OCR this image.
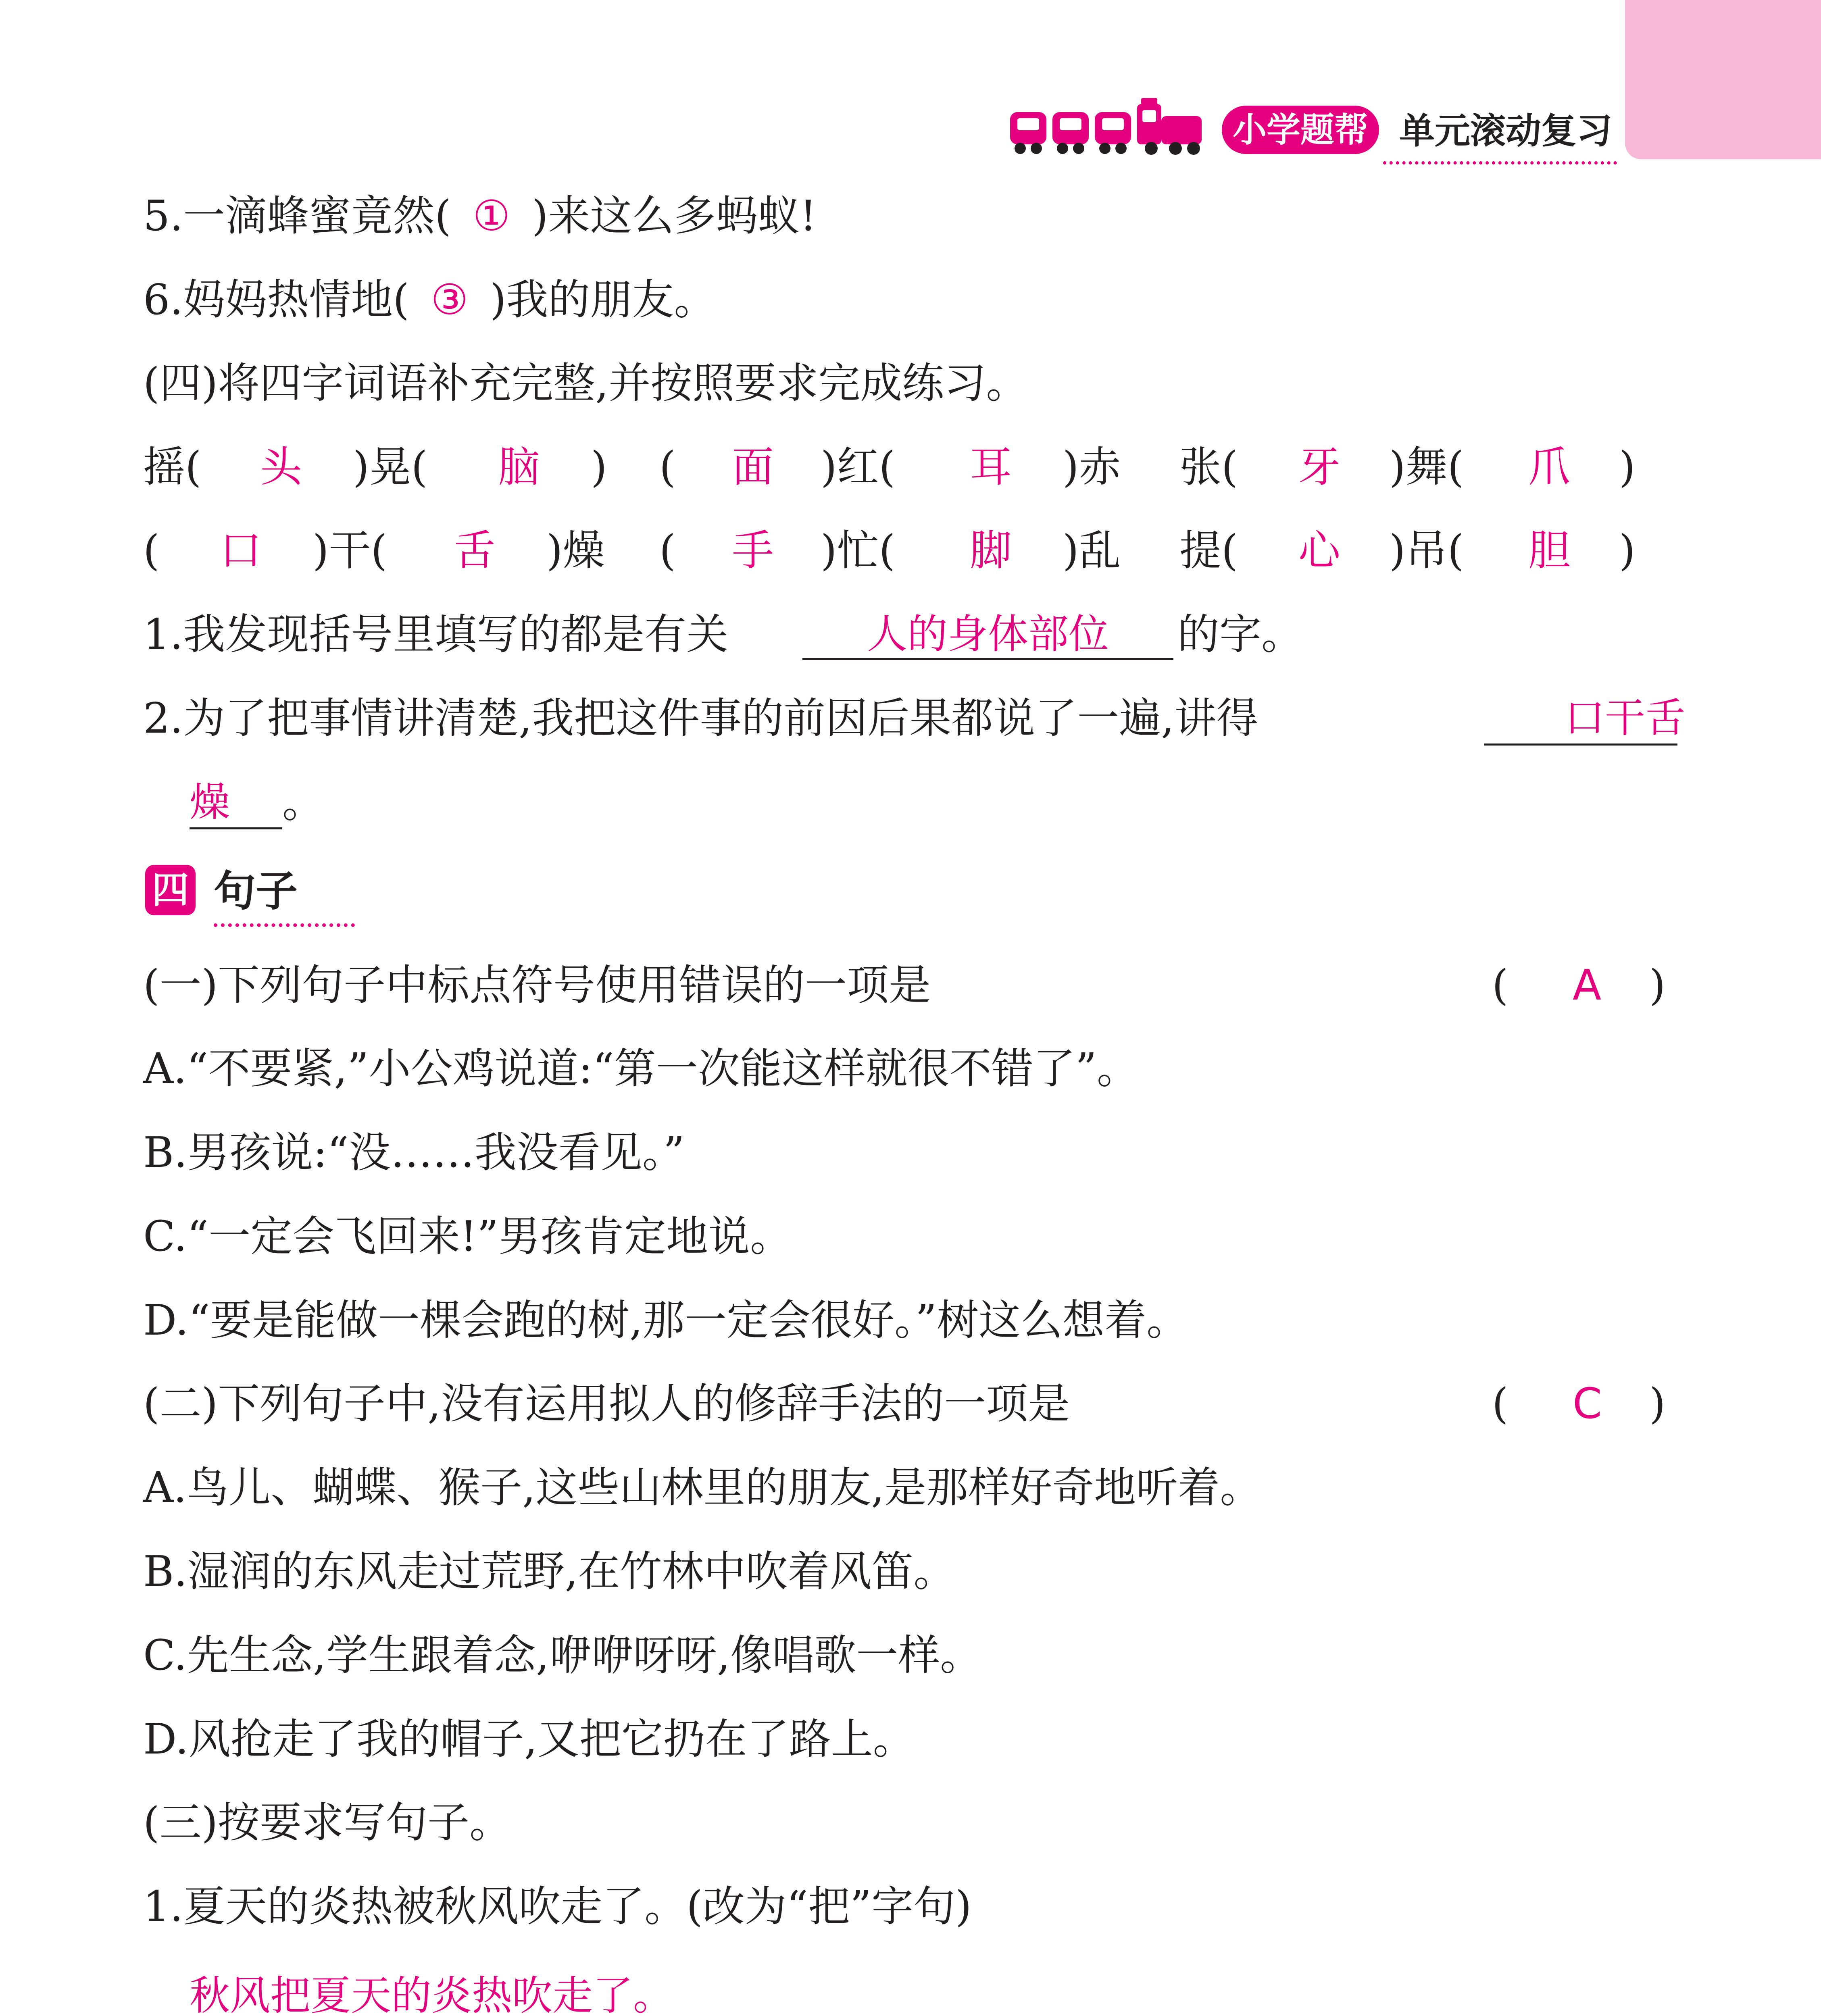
小学题帮 单元滚动复习
5.一滴蜂蜜竟然( ① )来这么多蚂蚁!
6.妈妈热情地( ③ )我的朋友。
(四)将四字词语补充完整,并按照要求完成练习。
摇( 头 )晃( 脑 ) ( 面 )红( 耳 )赤 张( 牙 )舞( 爪 )
( 口 )干( 舌 )燥 ( 手 )忙( 脚 )乱 提( 心 )吊( 胆 )
1.我发现括号里填写的都是有关	人的身体部位	的字。
2.为了把事情讲清楚,我把这件事的前因后果都说了一遍,讲得	口干舌
燥	。
四 句子
(一)下列句子中标点符号使用错误的一项是	( A )
A.“不要紧,”小公鸡说道:“第一次能这样就很不错了”。
B.男孩说:“没……我没看见。”
C.“一定会飞回来!”男孩肯定地说。
D.“要是能做一棵会跑的树,那一定会很好。”树这么想着。
(二)下列句子中,没有运用拟人的修辞手法的一项是	( C )
A.鸟儿、蝴蝶、猴子,这些山林里的朋友,是那样好奇地听着。
B.湿润的东风走过荒野,在竹林中吹着风笛。
C.先生念,学生跟着念,咿咿呀呀,像唱歌一样。
D.风抢走了我的帽子,又把它扔在了路上。
(三)按要求写句子。
1.夏天的炎热被秋风吹走了。(改为“把”字句)
秋风把夏天的炎热吹走了。
